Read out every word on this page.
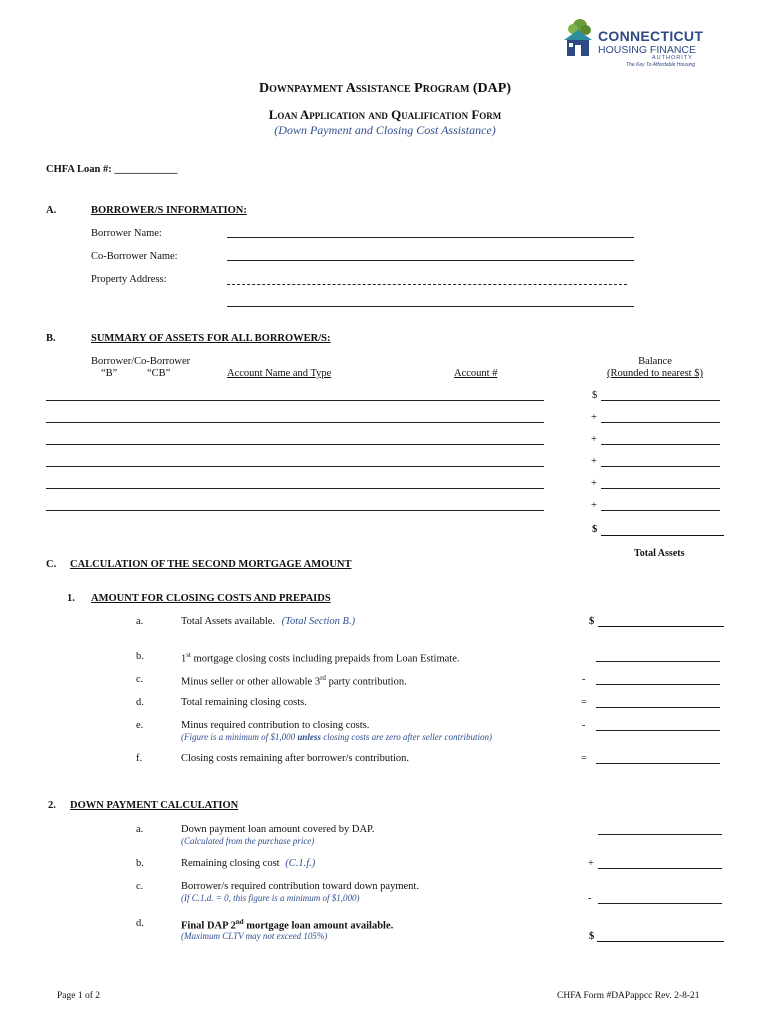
CONNECTICUT
HOUSING FINANCE
AUTHORITY
The Key To Affordable Housing
Downpayment Assistance Program (DAP)
Loan Application and Qualification Form
(Down Payment and Closing Cost Assistance)
CHFA Loan #: ____________
A.	BORROWER/S INFORMATION:
Borrower Name:
Co-Borrower Name:
Property Address:
B.	SUMMARY OF ASSETS FOR ALL BORROWER/S:
Borrower/Co-Borrower
“B”	“CB”	Account Name and Type	Account #
Balance
(Rounded to nearest $)
$
+
+
+
+
+
$
Total Assets
C. CALCULATION OF THE SECOND MORTGAGE AMOUNT
1. AMOUNT FOR CLOSING COSTS AND PREPAIDS
a.	Total Assets available. (Total Section B.)	$
b.	1st mortgage closing costs including prepaids from Loan Estimate.
c.	Minus seller or other allowable 3rd party contribution.	-
d.	Total remaining closing costs.	=
e.	Minus required contribution to closing costs.
(Figure is a minimum of $1,000 unless closing costs are zero after seller contribution)
-
f.	Closing costs remaining after borrower/s contribution.	=
2. DOWN PAYMENT CALCULATION
a.	Down payment loan amount covered by DAP.
(Calculated from the purchase price)
b.	Remaining closing cost (C.1.f.)	+
c.	Borrower/s required contribution toward down payment.
(If C.1.d. = 0, this figure is a minimum of $1,000)	-
d.	Final DAP 2nd mortgage loan amount available.
(Maximum CLTV may not exceed 105%)	$
Page 1 of 2	CHFA Form #DAPappcc Rev. 2-8-21
